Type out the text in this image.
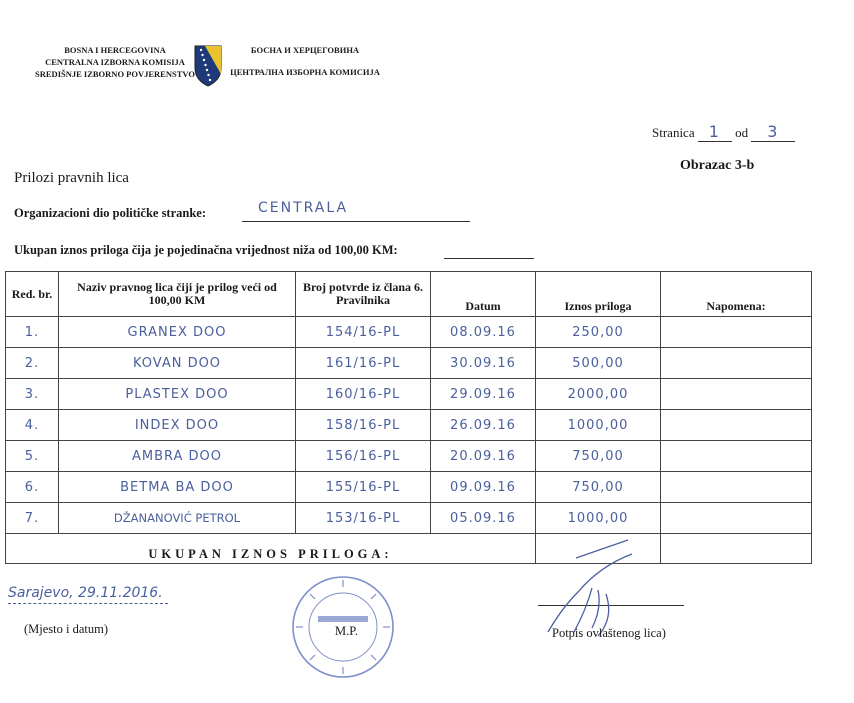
BOSNA I HERCEGOVINA
CENTRALNA IZBORNA KOMISIJA
SREDIŠNJE IZBORNO POVJERENSTVO
БОСНА И ХЕРЦЕГОВИНА
ЦЕНТРАЛНА ИЗБОРНА КОМИСИЈА
Stranica 1 od 3
Obrazac 3-b
Prilozi pravnih lica
Organizacioni dio političke stranke:	CENTRALA
Ukupan iznos priloga čija je pojedinačna vrijednost niža od 100,00 KM:
Red. br.	Naziv pravnog lica čiji je prilog veći od 100,00 KM	Broj potvrde iz člana 6. Pravilnika	Datum	Iznos priloga	Napomena:
1.	GRANEX DOO	154/16-PL	08.09.16	250,00	
2.	KOVAN DOO	161/16-PL	30.09.16	500,00	
3.	PLASTEX DOO	160/16-PL	29.09.16	2000,00	
4.	INDEX DOO	158/16-PL	26.09.16	1000,00	
5.	AMBRA DOO	156/16-PL	20.09.16	750,00	
6.	BETMA BA DOO	155/16-PL	09.09.16	750,00	
7.	DŽANANOVIĆ PETROL	153/16-PL	05.09.16	1000,00	
UKUPAN IZNOS PRILOGA:	

Sarajevo, 29.11.2016.
(Mjesto i datum)	M.P.	Potpis ovlaštenog lica)
